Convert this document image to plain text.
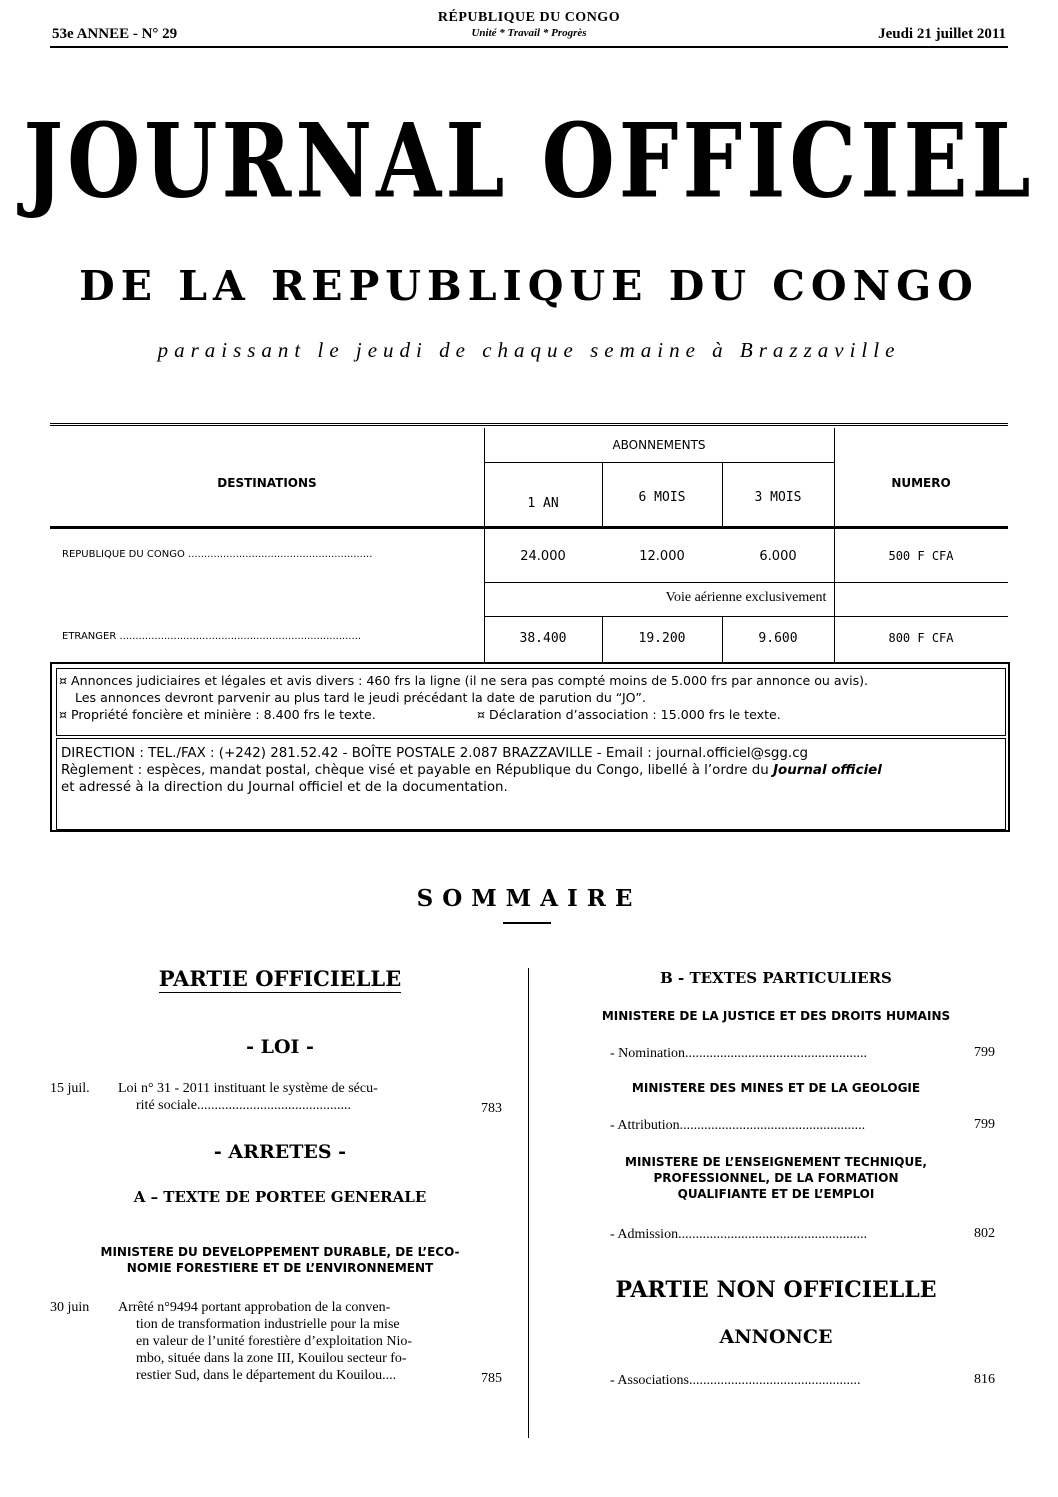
53e ANNEE - N° 29
RÉPUBLIQUE DU CONGO
Unité * Travail * Progrès	Jeudi 21 juillet 2011
JOURNAL OFFICIEL
DE LA REPUBLIQUE DU CONGO
paraissant le jeudi de chaque semaine à Brazzaville
DESTINATIONS
ABONNEMENTS
NUMERO
1 AN	6 MOIS	3 MOIS
REPUBLIQUE DU CONGO ..........................................................	24.000	12.000	6.000	500 F CFA
Voie aérienne exclusivement
ETRANGER ............................................................................	38.400	19.200	9.600	800 F CFA
¤ Annonces judiciaires et légales et avis divers : 460 frs la ligne (il ne sera pas compté moins de 5.000 frs par annonce ou avis).
Les annonces devront parvenir au plus tard le jeudi précédant la date de parution du “JO”.
¤ Propriété foncière et minière : 8.400 frs le texte.	¤ Déclaration d’association : 15.000 frs le texte.
DIRECTION : TEL./FAX : (+242) 281.52.42 - BOÎTE POSTALE 2.087 BRAZZAVILLE - Email : journal.officiel@sgg.cg
Règlement : espèces, mandat postal, chèque visé et payable en République du Congo, libellé à l’ordre du Journal officiel
et adressé à la direction du Journal officiel et de la documentation.
SOMMAIRE
PARTIE OFFICIELLE
- LOI -
15 juil. Loi n° 31 - 2011 instituant le système de sécu-
rité sociale............................................	783
- ARRETES -
A – TEXTE DE PORTEE GENERALE
MINISTERE DU DEVELOPPEMENT DURABLE, DE L’ECO-
NOMIE FORESTIERE ET DE L’ENVIRONNEMENT
30 juin Arrêté n°9494 portant approbation de la conven-
tion de transformation industrielle pour la mise
en valeur de l’unité forestière d’exploitation Nio-
mbo, située dans la zone III, Kouilou secteur fo-
restier Sud, dans le département du Kouilou....	785
B - TEXTES PARTICULIERS
MINISTERE DE LA JUSTICE ET DES DROITS HUMAINS
- Nomination....................................................	799
MINISTERE DES MINES ET DE LA GEOLOGIE
- Attribution.....................................................	799
MINISTERE DE L’ENSEIGNEMENT TECHNIQUE,
PROFESSIONNEL, DE LA FORMATION
QUALIFIANTE ET DE L’EMPLOI
- Admission......................................................	802
PARTIE NON OFFICIELLE
ANNONCE
- Associations.................................................	816
